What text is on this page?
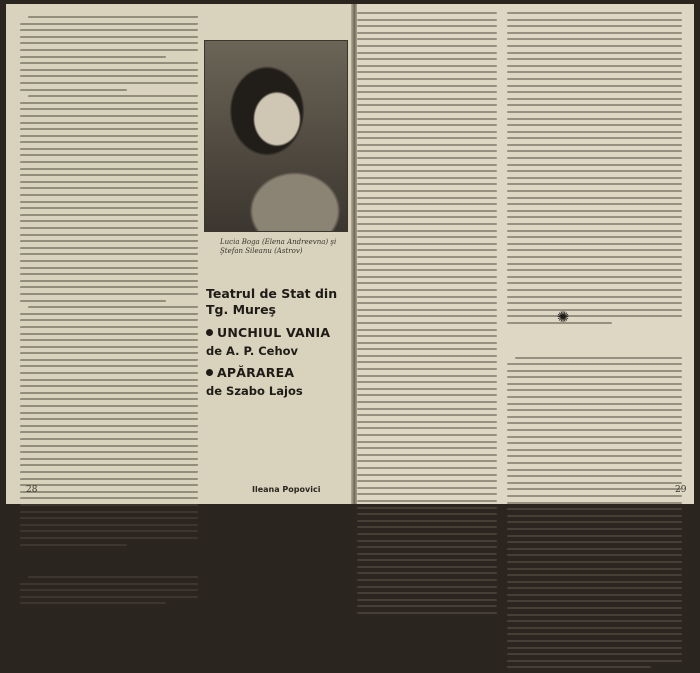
Lucia Boga (Elena Andreevna) şi Ştefan Sileanu (Astrov)

Teatrul de Stat din Tg. Mureş

UNCHIUL VANIA

de A. P. Cehov

APĂRAREA

de Szabo Lajos

28	Ileana Popovici
✺
29
